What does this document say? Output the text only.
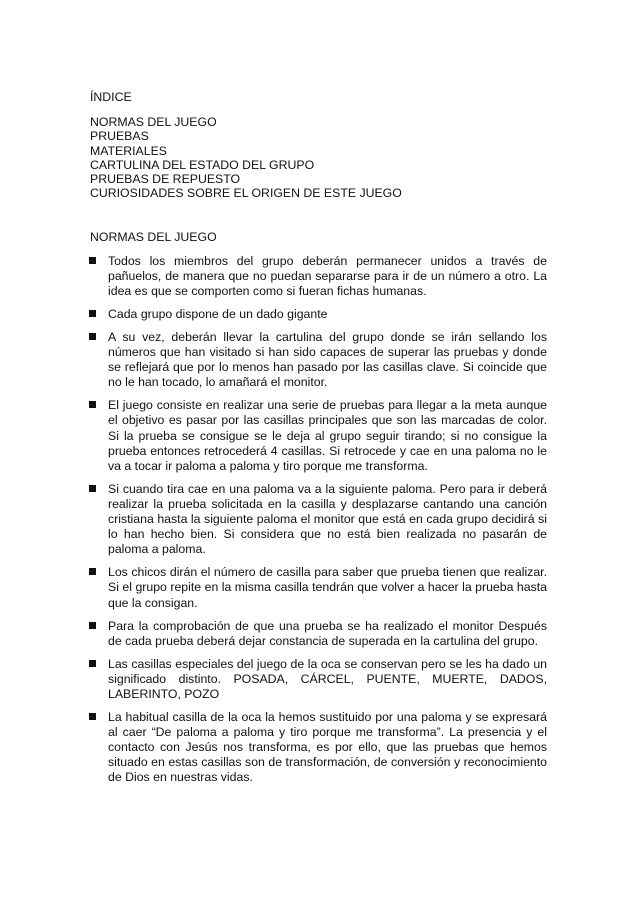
ÍNDICE

NORMAS DEL JUEGO
PRUEBAS
MATERIALES
CARTULINA DEL ESTADO DEL GRUPO
PRUEBAS DE REPUESTO
CURIOSIDADES SOBRE EL ORIGEN DE ESTE JUEGO

NORMAS DEL JUEGO

Todos los miembros del grupo deberán permanecer unidos a través de pañuelos, de manera que no puedan separarse para ir de un número a otro. La idea es que se comporten como si fueran fichas humanas.
Cada grupo dispone de un dado gigante
A su vez, deberán llevar la cartulina del grupo donde se irán sellando los números que han visitado si han sido capaces de superar las pruebas y donde se reflejará que por lo menos han pasado por las casillas clave. Si coincide que no le han tocado, lo amañará el monitor.
El juego consiste en realizar una serie de pruebas para llegar a la meta aunque el objetivo es pasar por las casillas principales que son las marcadas de color. Si la prueba se consigue se le deja al grupo seguir tirando; si no consigue la prueba entonces retrocederá 4 casillas. Si retrocede y cae en una paloma no le va a tocar ir paloma a paloma y tiro porque me transforma.
Si cuando tira cae en una paloma va a la siguiente paloma. Pero para ir deberá realizar la prueba solicitada en la casilla y desplazarse cantando una canción cristiana hasta la siguiente paloma el monitor que está en cada grupo decidirá si lo han hecho bien. Si considera que no está bien realizada no pasarán de paloma a paloma.
Los chicos dirán el número de casilla para saber que prueba tienen que realizar. Si el grupo repite en la misma casilla tendrán que volver a hacer la prueba hasta que la consigan.
Para la comprobación de que una prueba se ha realizado el monitor Después de cada prueba deberá dejar constancia de superada en la cartulina del grupo.
Las casillas especiales del juego de la oca se conservan pero se les ha dado un significado distinto. POSADA, CÁRCEL, PUENTE, MUERTE, DADOS, LABERINTO, POZO
La habitual casilla de la oca la hemos sustituido por una paloma y se expresará al caer “De paloma a paloma y tiro porque me transforma”. La presencia y el contacto con Jesús nos transforma, es por ello, que las pruebas que hemos situado en estas casillas son de transformación, de conversión y reconocimiento de Dios en nuestras vidas.
